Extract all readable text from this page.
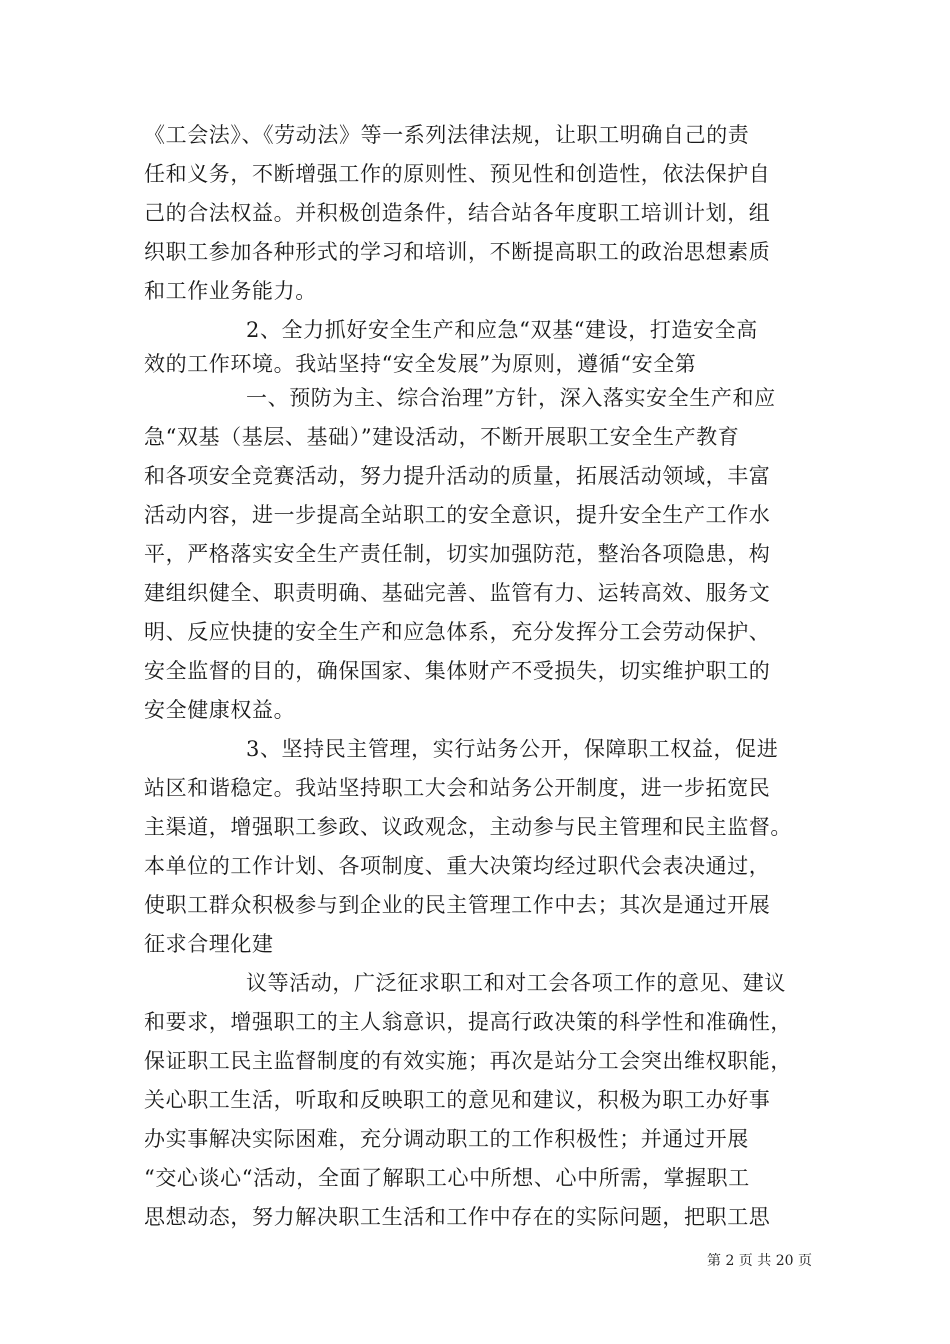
《工会法》、《劳动法》等一系列法律法规，让职工明确自己的责
任和义务，不断增强工作的原则性、预见性和创造性，依法保护自
己的合法权益。并积极创造条件，结合站各年度职工培训计划，组
织职工参加各种形式的学习和培训，不断提高职工的政治思想素质
和工作业务能力。
2、全力抓好安全生产和应急“双基“建设，打造安全高
效的工作环境。我站坚持“安全发展”为原则，遵循“安全第
一、预防为主、综合治理”方针，深入落实安全生产和应
急“双基（基层、基础）”建设活动，不断开展职工安全生产教育
和各项安全竞赛活动，努力提升活动的质量，拓展活动领域，丰富
活动内容，进一步提高全站职工的安全意识，提升安全生产工作水
平，严格落实安全生产责任制，切实加强防范，整治各项隐患，构
建组织健全、职责明确、基础完善、监管有力、运转高效、服务文
明、反应快捷的安全生产和应急体系，充分发挥分工会劳动保护、
安全监督的目的，确保国家、集体财产不受损失，切实维护职工的
安全健康权益。
3、坚持民主管理，实行站务公开，保障职工权益，促进
站区和谐稳定。我站坚持职工大会和站务公开制度，进一步拓宽民
主渠道，增强职工参政、议政观念，主动参与民主管理和民主监督。
本单位的工作计划、各项制度、重大决策均经过职代会表决通过，
使职工群众积极参与到企业的民主管理工作中去；其次是通过开展
征求合理化建
议等活动，广泛征求职工和对工会各项工作的意见、建议
和要求，增强职工的主人翁意识，提高行政决策的科学性和准确性，
保证职工民主监督制度的有效实施；再次是站分工会突出维权职能，
关心职工生活，听取和反映职工的意见和建议，积极为职工办好事
办实事解决实际困难，充分调动职工的工作积极性；并通过开展
“交心谈心“活动，全面了解职工心中所想、心中所需，掌握职工
思想动态，努力解决职工生活和工作中存在的实际问题，把职工思
第 2 页 共 20 页
